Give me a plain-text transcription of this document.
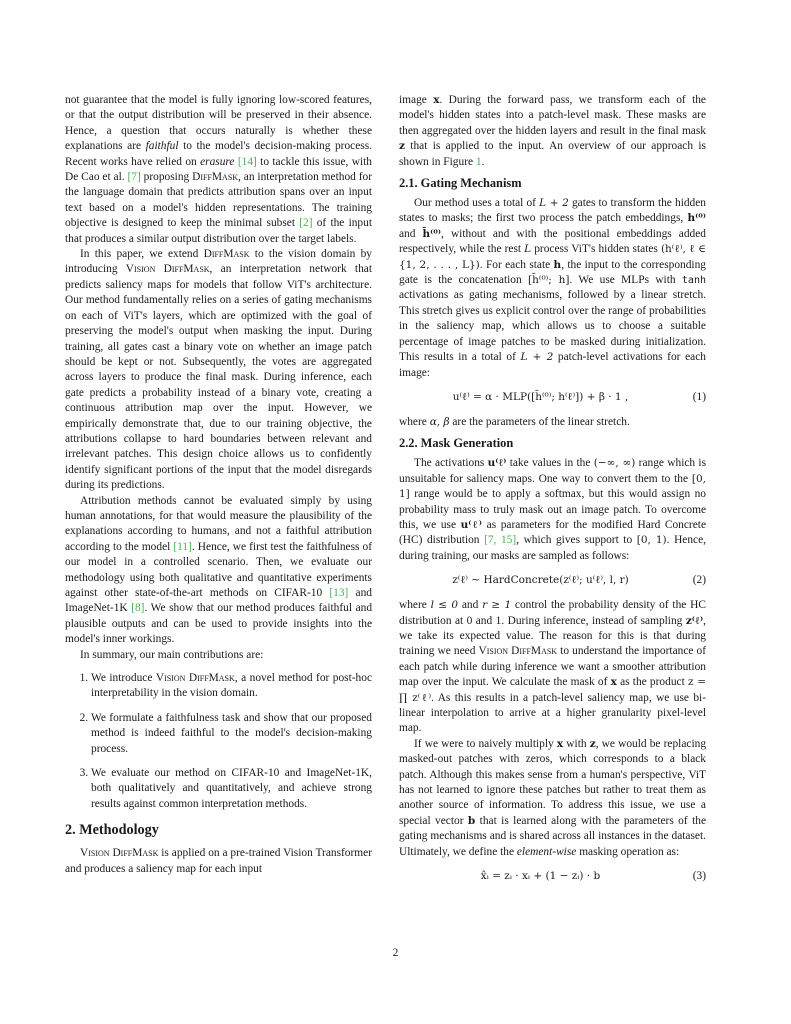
not guarantee that the model is fully ignoring low-scored features, or that the output distribution will be preserved in their absence. Hence, a question that occurs naturally is whether these explanations are faithful to the model's decision-making process. Recent works have relied on erasure [14] to tackle this issue, with De Cao et al. [7] proposing DiffMask, an interpretation method for the language domain that predicts attribution spans over an input text based on a model's hidden representations. The training objective is designed to keep the minimal subset [2] of the input that produces a similar output distribution over the target labels.

In this paper, we extend DiffMask to the vision domain by introducing Vision DiffMask, an interpretation network that predicts saliency maps for models that follow ViT's architecture. Our method fundamentally relies on a series of gating mechanisms on each of ViT's layers, which are optimized with the goal of preserving the model's output when masking the input. During training, all gates cast a binary vote on whether an image patch should be kept or not. Subsequently, the votes are aggregated across layers to produce the final mask. During inference, each gate predicts a probability instead of a binary vote, creating a continuous attribution map over the input. However, we empirically demonstrate that, due to our training objective, the attributions collapse to hard boundaries between relevant and irrelevant patches. This design choice allows us to confidently identify significant portions of the input that the model disregards during its predictions.

Attribution methods cannot be evaluated simply by using human annotations, for that would measure the plausibility of the explanations according to humans, and not a faithful attribution according to the model [11]. Hence, we first test the faithfulness of our model in a controlled scenario. Then, we evaluate our methodology using both qualitative and quantitative experiments against other state-of-the-art methods on CIFAR-10 [13] and ImageNet-1K [8]. We show that our method produces faithful and plausible outputs and can be used to provide insights into the model's inner workings.

In summary, our main contributions are:

1. We introduce Vision DiffMask, a novel method for post-hoc interpretability in the vision domain.
2. We formulate a faithfulness task and show that our proposed method is indeed faithful to the model's decision-making process.
3. We evaluate our method on CIFAR-10 and ImageNet-1K, both qualitatively and quantitatively, and achieve strong results against common interpretation methods.
2. Methodology

Vision DiffMask is applied on a pre-trained Vision Transformer and produces a saliency map for each input

image x. During the forward pass, we transform each of the model's hidden states into a patch-level mask. These masks are then aggregated over the hidden layers and result in the final mask z that is applied to the input. An overview of our approach is shown in Figure 1.

2.1. Gating Mechanism

Our method uses a total of L + 2 gates to transform the hidden states to masks; the first two process the patch embeddings, h⁽⁰⁾ and h̄⁽⁰⁾, without and with the positional embeddings added respectively, while the rest L process ViT's hidden states (h⁽ℓ⁾, ℓ ∈ {1, 2, . . . , L}). For each state h, the input to the corresponding gate is the concatenation [h̄⁽⁰⁾; h]. We use MLPs with tanh activations as gating mechanisms, followed by a linear stretch. This stretch gives us explicit control over the range of probabilities in the saliency map, which allows us to choose a suitable percentage of image patches to be masked during initialization. This results in a total of L + 2 patch-level activations for each image:

u⁽ℓ⁾ = α · MLP([h̄⁽⁰⁾; h⁽ℓ⁾]) + β · 1 ,	(1)

where α, β are the parameters of the linear stretch.

2.2. Mask Generation

The activations u⁽ℓ⁾ take values in the (−∞, ∞) range which is unsuitable for saliency maps. One way to convert them to the [0, 1] range would be to apply a softmax, but this would assign no probability mass to truly mask out an image patch. To overcome this, we use u⁽ℓ⁾ as parameters for the modified Hard Concrete (HC) distribution [7, 15], which gives support to [0, 1). Hence, during training, our masks are sampled as follows:

z⁽ℓ⁾ ∼ HardConcrete(z⁽ℓ⁾; u⁽ℓ⁾, l, r)	(2)

where l ≤ 0 and r ≥ 1 control the probability density of the HC distribution at 0 and 1. During inference, instead of sampling z⁽ℓ⁾, we take its expected value. The reason for this is that during training we need Vision DiffMask to understand the importance of each patch while during inference we want a smoother attribution map over the input. We calculate the mask of x as the product z = ∏ z⁽ℓ⁾. As this results in a patch-level saliency map, we use bi-linear interpolation to arrive at a higher granularity pixel-level map.

If we were to naively multiply x with z, we would be replacing masked-out patches with zeros, which corresponds to a black patch. Although this makes sense from a human's perspective, ViT has not learned to ignore these patches but rather to treat them as another source of information. To address this issue, we use a special vector b that is learned along with the parameters of the gating mechanisms and is shared across all instances in the dataset. Ultimately, we define the element-wise masking operation as:

x̂ᵢ = zᵢ · xᵢ + (1 − zᵢ) · b	(3)
2
